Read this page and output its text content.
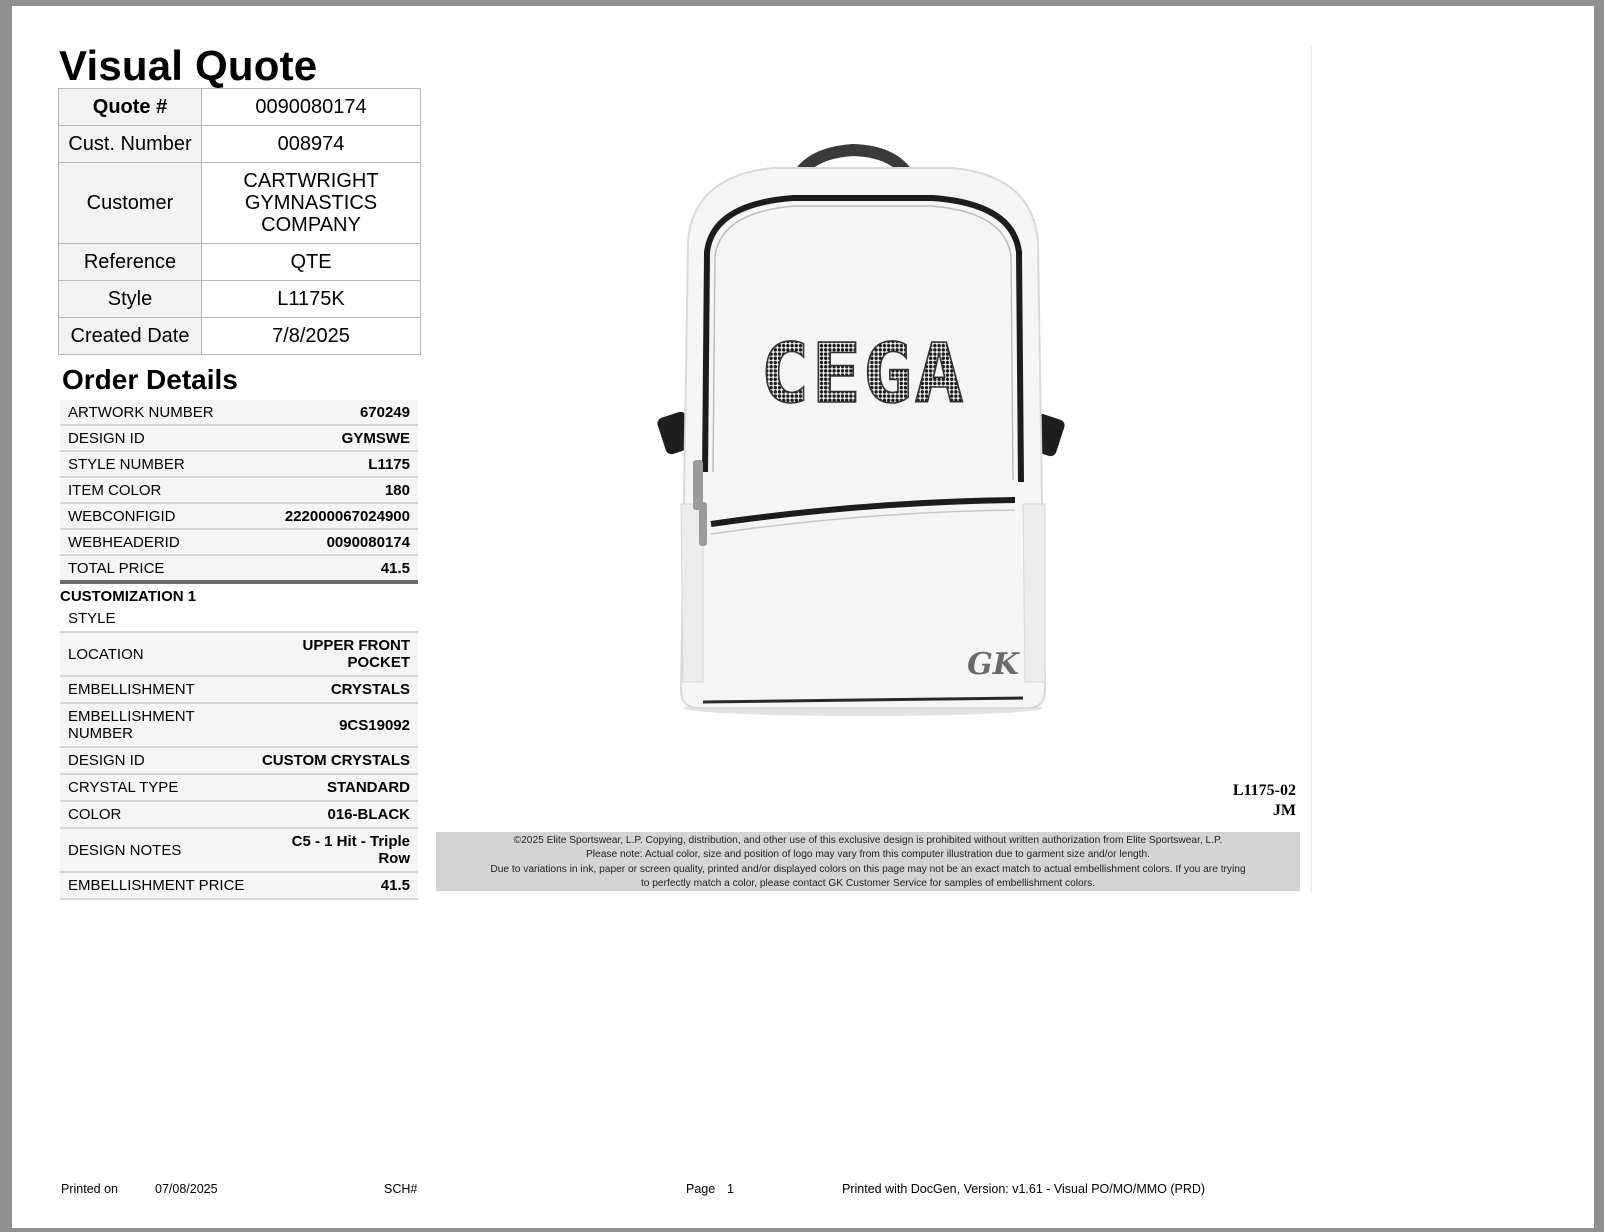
Visual Quote
Quote #	0090080174
Cust. Number	008974
Customer	CARTWRIGHT GYMNASTICS COMPANY
Reference	QTE
Style	L1175K
Created Date	7/8/2025
Order Details
ARTWORK NUMBER	670249
DESIGN ID	GYMSWE
STYLE NUMBER	L1175
ITEM COLOR	180
WEBCONFIGID	222000067024900
WEBHEADERID	0090080174
TOTAL PRICE	41.5
CUSTOMIZATION 1
STYLE
LOCATION	UPPER FRONT POCKET
EMBELLISHMENT	CRYSTALS
EMBELLISHMENT NUMBER	9CS19092
DESIGN ID	CUSTOM CRYSTALS
CRYSTAL TYPE	STANDARD
COLOR	016-BLACK
DESIGN NOTES	C5 - 1 Hit - Triple Row
EMBELLISHMENT PRICE	41.5
CEGA
GK
L1175-02
JM
©2025 Elite Sportswear, L.P. Copying, distribution, and other use of this exclusive design is prohibited without written authorization from Elite Sportswear, L.P.
Please note: Actual color, size and position of logo may vary from this computer illustration due to garment size and/or length.
Due to variations in ink, paper or screen quality, printed and/or displayed colors on this page may not be an exact match to actual embellishment colors. If you are trying
to perfectly match a color, please contact GK Customer Service for samples of embellishment colors.
Printed on	07/08/2025	SCH#	Page 1	Printed with DocGen, Version: v1.61 - Visual PO/MO/MMO (PRD)
